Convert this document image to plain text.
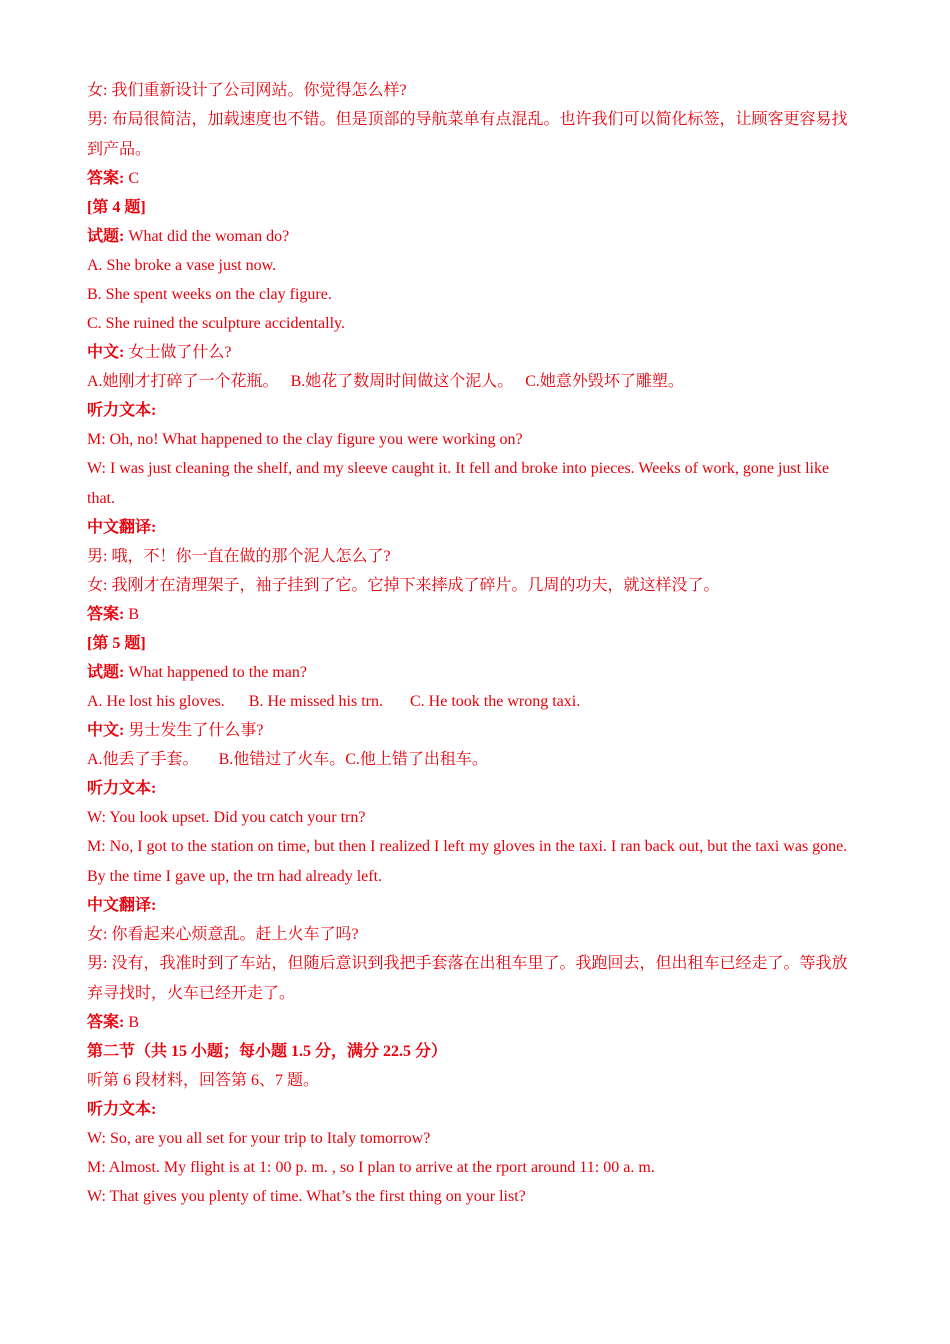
女: 我们重新设计了公司网站。你觉得怎么样?

男: 布局很简洁，加载速度也不错。但是顶部的导航菜单有点混乱。也许我们可以简化标签，让顾客更容易找到产品。

答案: C

[第 4 题]

试题: What did the woman do?

A. She broke a vase just now.

B. She spent weeks on the clay figure.

C. She ruined the sculpture accidentally.

中文: 女士做了什么?

A.她刚才打碎了一个花瓶。 B.她花了数周时间做这个泥人。 C.她意外毁坏了雕塑。

听力文本:

M: Oh, no! What happened to the clay figure you were working on?

W: I was just cleaning the shelf, and my sleeve caught it. It fell and broke into pieces. Weeks of work, gone just like that.

中文翻译:

男: 哦，不！你一直在做的那个泥人怎么了?

女: 我刚才在清理架子，袖子挂到了它。它掉下来摔成了碎片。几周的功夫，就这样没了。

答案: B

[第 5 题]

试题: What happened to the man?

A. He lost his gloves. B. He missed his trn. C. He took the wrong taxi.

中文: 男士发生了什么事?

A.他丢了手套。 B.他错过了火车。C.他上错了出租车。

听力文本:

W: You look upset. Did you catch your trn?

M: No, I got to the station on time, but then I realized I left my gloves in the taxi. I ran back out, but the taxi was gone. By the time I gave up, the trn had already left.

中文翻译:

女: 你看起来心烦意乱。赶上火车了吗?

男: 没有，我准时到了车站，但随后意识到我把手套落在出租车里了。我跑回去，但出租车已经走了。等我放弃寻找时，火车已经开走了。

答案: B

第二节（共 15 小题；每小题 1.5 分，满分 22.5 分）

听第 6 段材料，回答第 6、7 题。

听力文本:

W: So, are you all set for your trip to Italy tomorrow?

M: Almost. My flight is at 1: 00 p. m. , so I plan to arrive at the rport around 11: 00 a. m.

W: That gives you plenty of time. What’s the first thing on your list?
